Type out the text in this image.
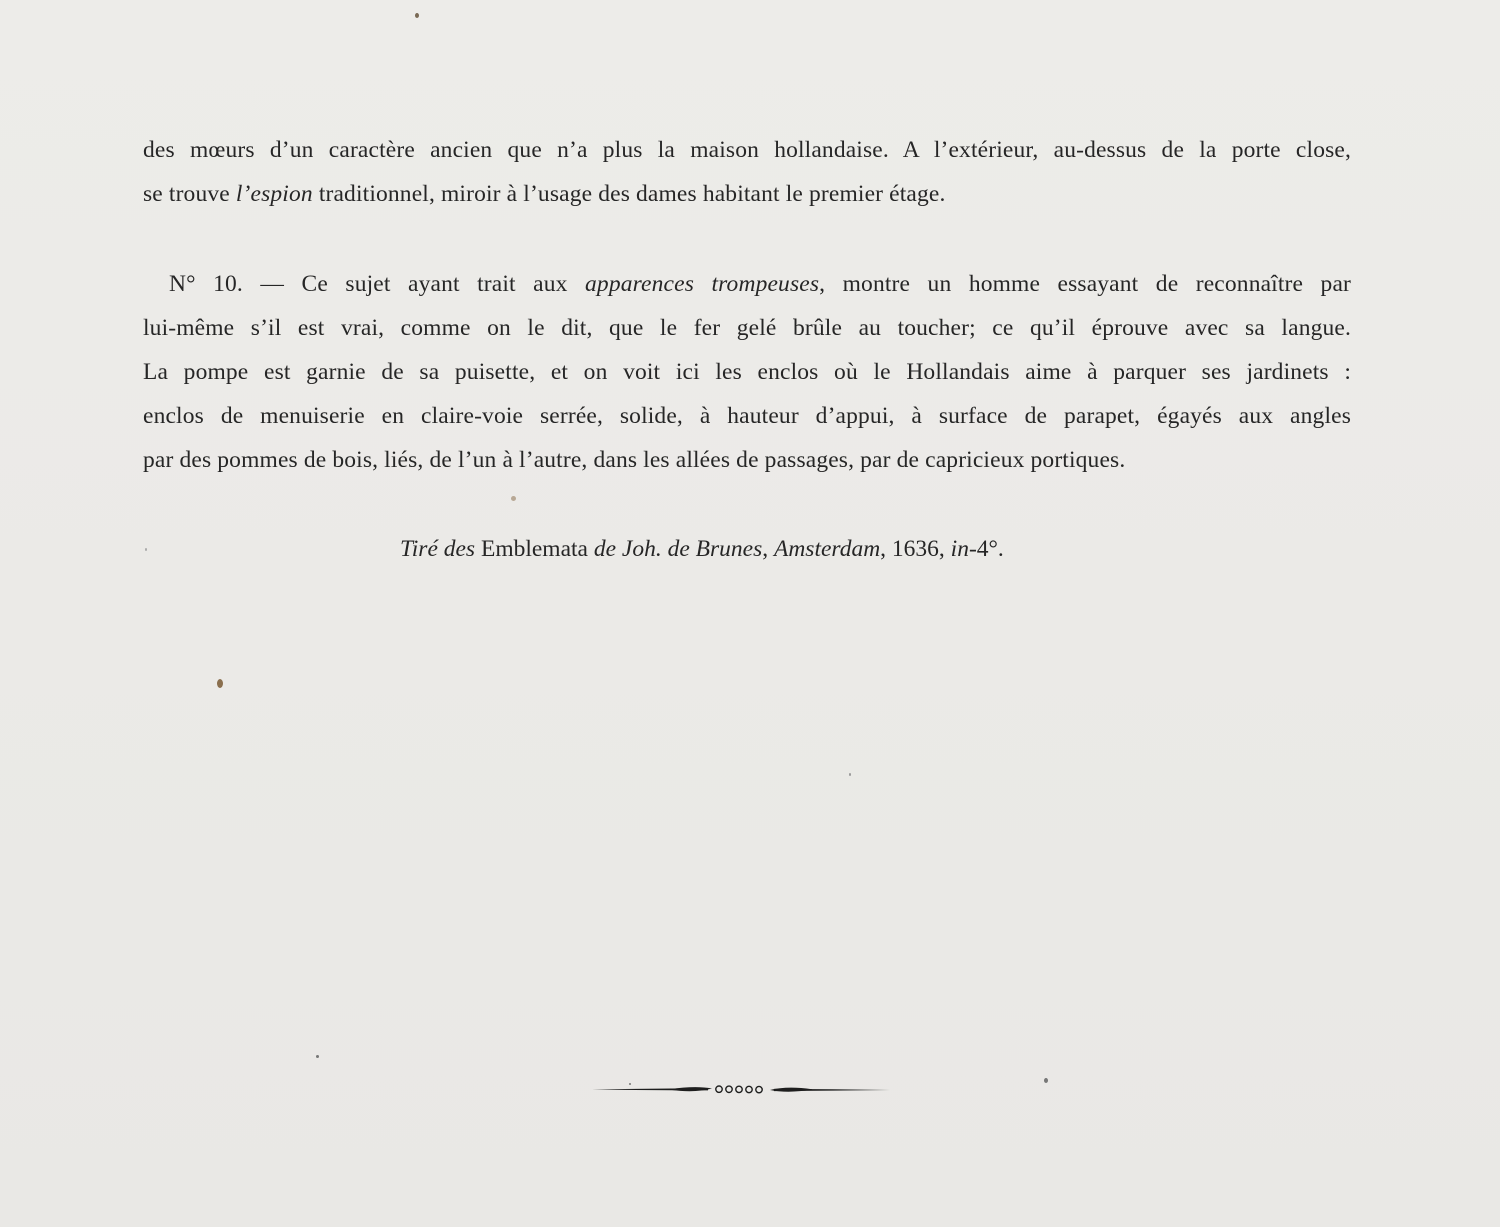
des mœurs d’un caractère ancien que n’a plus la maison hollandaise. A l’extérieur, au-dessus de la porte close,
se trouve l’espion traditionnel, miroir à l’usage des dames habitant le premier étage.
N° 10. — Ce sujet ayant trait aux apparences trompeuses, montre un homme essayant de reconnaître par
lui-même s’il est vrai, comme on le dit, que le fer gelé brûle au toucher; ce qu’il éprouve avec sa langue.
La pompe est garnie de sa puisette, et on voit ici les enclos où le Hollandais aime à parquer ses jardinets :
enclos de menuiserie en claire-voie serrée, solide, à hauteur d’appui, à surface de parapet, égayés aux angles
par des pommes de bois, liés, de l’un à l’autre, dans les allées de passages, par de capricieux portiques.
Tiré des Emblemata de Joh. de Brunes, Amsterdam, 1636, in-4°.
